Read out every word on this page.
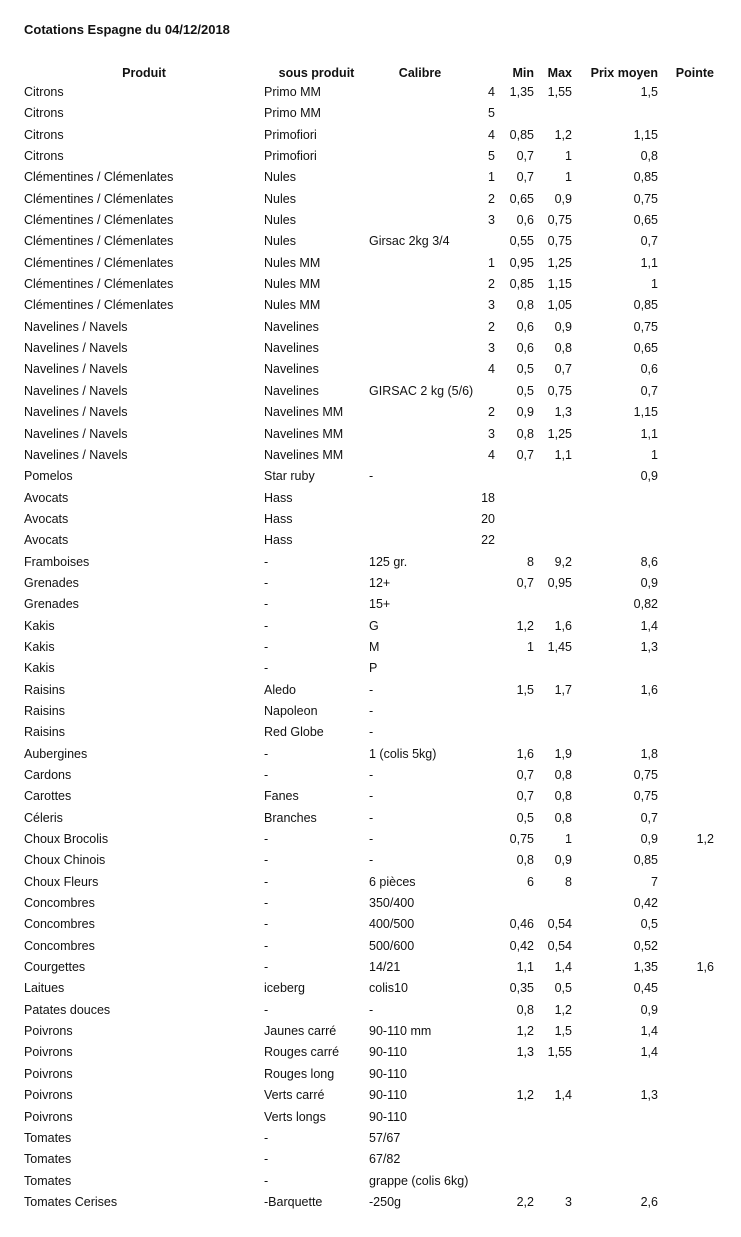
Cotations Espagne du 04/12/2018
Produit	sous produit	Calibre		Min	Max	Prix moyen	Pointe
Citrons	Primo MM		4	1,35	1,55	1,5	
Citrons	Primo MM		5				
Citrons	Primofiori		4	0,85	1,2	1,15	
Citrons	Primofiori		5	0,7	1	0,8	
Clémentines / Clémenlates	Nules		1	0,7	1	0,85	
Clémentines / Clémenlates	Nules		2	0,65	0,9	0,75	
Clémentines / Clémenlates	Nules		3	0,6	0,75	0,65	
Clémentines / Clémenlates	Nules	Girsac 2kg 3/4		0,55	0,75	0,7	
Clémentines / Clémenlates	Nules MM		1	0,95	1,25	1,1	
Clémentines / Clémenlates	Nules MM		2	0,85	1,15	1	
Clémentines / Clémenlates	Nules MM		3	0,8	1,05	0,85	
Navelines / Navels	Navelines		2	0,6	0,9	0,75	
Navelines / Navels	Navelines		3	0,6	0,8	0,65	
Navelines / Navels	Navelines		4	0,5	0,7	0,6	
Navelines / Navels	Navelines	GIRSAC 2 kg (5/6)		0,5	0,75	0,7	
Navelines / Navels	Navelines MM		2	0,9	1,3	1,15	
Navelines / Navels	Navelines MM		3	0,8	1,25	1,1	
Navelines / Navels	Navelines MM		4	0,7	1,1	1	
Pomelos	Star ruby	-				0,9	
Avocats	Hass		18				
Avocats	Hass		20				
Avocats	Hass		22				
Framboises	-	125 gr.		8	9,2	8,6	
Grenades	-	12+		0,7	0,95	0,9	
Grenades	-	15+				0,82	
Kakis	-	G		1,2	1,6	1,4	
Kakis	-	M		1	1,45	1,3	
Kakis	-	P					
Raisins	Aledo	-		1,5	1,7	1,6	
Raisins	Napoleon	-					
Raisins	Red Globe	-					
Aubergines	-	1 (colis 5kg)		1,6	1,9	1,8	
Cardons	-	-		0,7	0,8	0,75	
Carottes	Fanes	-		0,7	0,8	0,75	
Céleris	Branches	-		0,5	0,8	0,7	
Choux Brocolis	-	-		0,75	1	0,9	1,2
Choux Chinois	-	-		0,8	0,9	0,85	
Choux Fleurs	-	6 pièces		6	8	7	
Concombres	-	350/400				0,42	
Concombres	-	400/500		0,46	0,54	0,5	
Concombres	-	500/600		0,42	0,54	0,52	
Courgettes	-	14/21		1,1	1,4	1,35	1,6
Laitues	iceberg	colis10		0,35	0,5	0,45	
Patates douces	-	-		0,8	1,2	0,9	
Poivrons	Jaunes carré	90-110 mm		1,2	1,5	1,4	
Poivrons	Rouges carré	90-110		1,3	1,55	1,4	
Poivrons	Rouges long	90-110					
Poivrons	Verts carré	90-110		1,2	1,4	1,3	
Poivrons	Verts longs	90-110					
Tomates	-	57/67					
Tomates	-	67/82					
Tomates	-	grappe (colis 6kg)					
Tomates Cerises	-Barquette	-250g		2,2	3	2,6	
